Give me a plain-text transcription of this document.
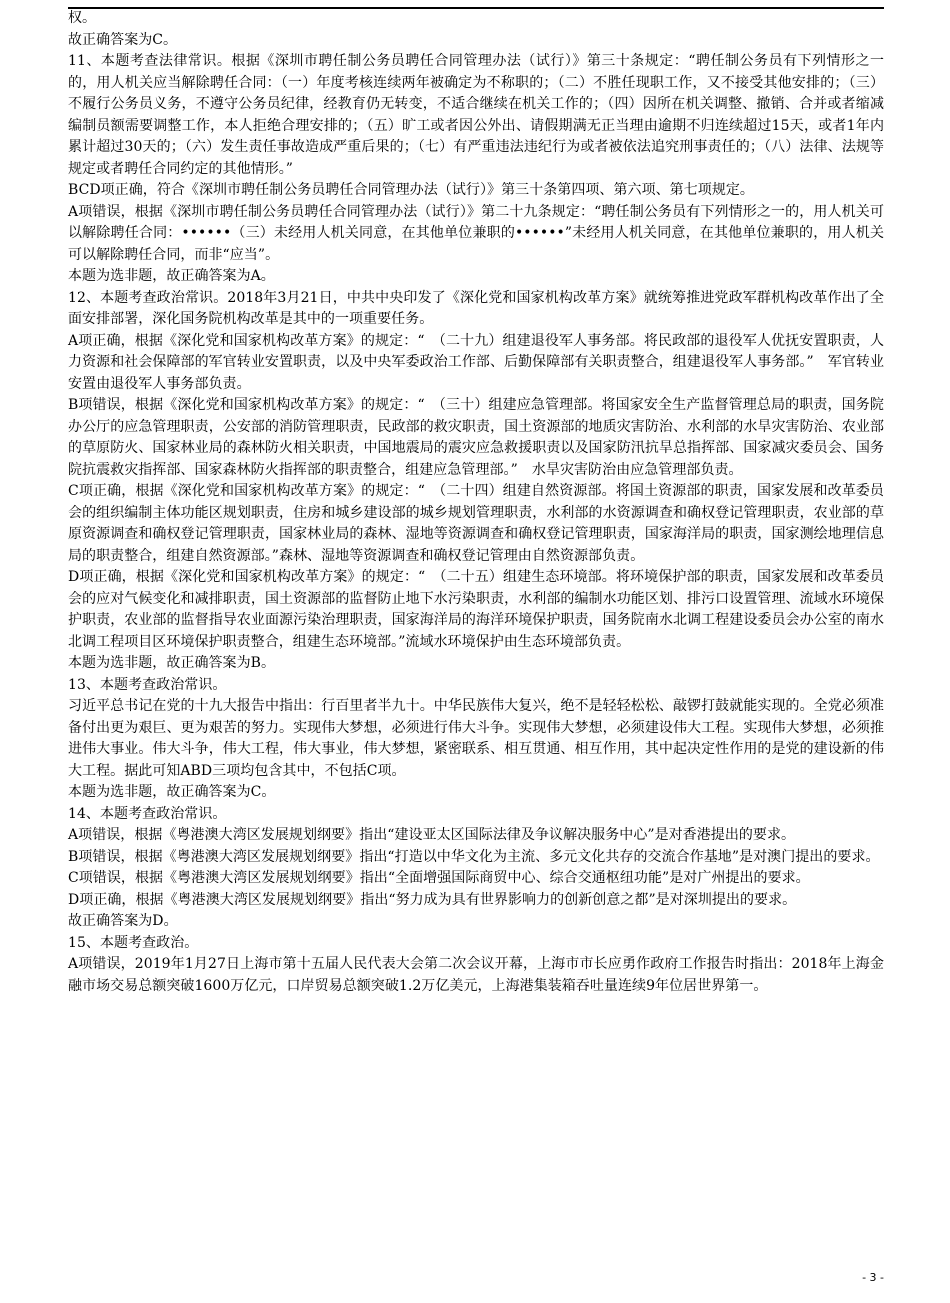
权。

故正确答案为C。

11、本题考查法律常识。根据《深圳市聘任制公务员聘任合同管理办法（试行）》第三十条规定：“聘任制公务员有下列情形之一的，用人机关应当解除聘任合同：（一）年度考核连续两年被确定为不称职的；（二）不胜任现职工作，又不接受其他安排的；（三）不履行公务员义务，不遵守公务员纪律，经教育仍无转变，不适合继续在机关工作的；（四）因所在机关调整、撤销、合并或者缩减编制员额需要调整工作，本人拒绝合理安排的；（五）旷工或者因公外出、请假期满无正当理由逾期不归连续超过15天，或者1年内累计超过30天的；（六）发生责任事故造成严重后果的；（七）有严重违法违纪行为或者被依法追究刑事责任的；（八）法律、法规等规定或者聘任合同约定的其他情形。”

BCD项正确，符合《深圳市聘任制公务员聘任合同管理办法（试行）》第三十条第四项、第六项、第七项规定。

A项错误，根据《深圳市聘任制公务员聘任合同管理办法（试行）》第二十九条规定：“聘任制公务员有下列情形之一的，用人机关可以解除聘任合同：••••••（三）未经用人机关同意，在其他单位兼职的••••••”未经用人机关同意，在其他单位兼职的，用人机关可以解除聘任合同，而非“应当”。

本题为选非题，故正确答案为A。

12、本题考查政治常识。2018年3月21日，中共中央印发了《深化党和国家机构改革方案》就统筹推进党政军群机构改革作出了全面安排部署，深化国务院机构改革是其中的一项重要任务。

A项正确，根据《深化党和国家机构改革方案》的规定：“　（二十九）组建退役军人事务部。将民政部的退役军人优抚安置职责，人力资源和社会保障部的军官转业安置职责，以及中央军委政治工作部、后勤保障部有关职责整合，组建退役军人事务部。”　军官转业安置由退役军人事务部负责。

B项错误，根据《深化党和国家机构改革方案》的规定：“　（三十）组建应急管理部。将国家安全生产监督管理总局的职责，国务院办公厅的应急管理职责，公安部的消防管理职责，民政部的救灾职责，国土资源部的地质灾害防治、水利部的水旱灾害防治、农业部的草原防火、国家林业局的森林防火相关职责，中国地震局的震灾应急救援职责以及国家防汛抗旱总指挥部、国家减灾委员会、国务院抗震救灾指挥部、国家森林防火指挥部的职责整合，组建应急管理部。”　水旱灾害防治由应急管理部负责。

C项正确，根据《深化党和国家机构改革方案》的规定：“　（二十四）组建自然资源部。将国土资源部的职责，国家发展和改革委员会的组织编制主体功能区规划职责，住房和城乡建设部的城乡规划管理职责，水利部的水资源调查和确权登记管理职责，农业部的草原资源调查和确权登记管理职责，国家林业局的森林、湿地等资源调查和确权登记管理职责，国家海洋局的职责，国家测绘地理信息局的职责整合，组建自然资源部。”森林、湿地等资源调查和确权登记管理由自然资源部负责。

D项正确，根据《深化党和国家机构改革方案》的规定：“　（二十五）组建生态环境部。将环境保护部的职责，国家发展和改革委员会的应对气候变化和减排职责，国土资源部的监督防止地下水污染职责，水利部的编制水功能区划、排污口设置管理、流域水环境保护职责，农业部的监督指导农业面源污染治理职责，国家海洋局的海洋环境保护职责，国务院南水北调工程建设委员会办公室的南水北调工程项目区环境保护职责整合，组建生态环境部。”流域水环境保护由生态环境部负责。

本题为选非题，故正确答案为B。

13、本题考查政治常识。

习近平总书记在党的十九大报告中指出：行百里者半九十。中华民族伟大复兴，绝不是轻轻松松、敲锣打鼓就能实现的。全党必须准备付出更为艰巨、更为艰苦的努力。实现伟大梦想，必须进行伟大斗争。实现伟大梦想，必须建设伟大工程。实现伟大梦想，必须推进伟大事业。伟大斗争，伟大工程，伟大事业，伟大梦想，紧密联系、相互贯通、相互作用，其中起决定性作用的是党的建设新的伟大工程。据此可知ABD三项均包含其中，不包括C项。

本题为选非题，故正确答案为C。

14、本题考查政治常识。

A项错误，根据《粤港澳大湾区发展规划纲要》指出“建设亚太区国际法律及争议解决服务中心”是对香港提出的要求。

B项错误，根据《粤港澳大湾区发展规划纲要》指出“打造以中华文化为主流、多元文化共存的交流合作基地”是对澳门提出的要求。

C项错误，根据《粤港澳大湾区发展规划纲要》指出“全面增强国际商贸中心、综合交通枢纽功能”是对广州提出的要求。

D项正确，根据《粤港澳大湾区发展规划纲要》指出“努力成为具有世界影响力的创新创意之都”是对深圳提出的要求。

故正确答案为D。

15、本题考查政治。

A项错误，2019年1月27日上海市第十五届人民代表大会第二次会议开幕，上海市市长应勇作政府工作报告时指出：2018年上海金融市场交易总额突破1600万亿元，口岸贸易总额突破1.2万亿美元，上海港集装箱吞吐量连续9年位居世界第一。

- 3 -
